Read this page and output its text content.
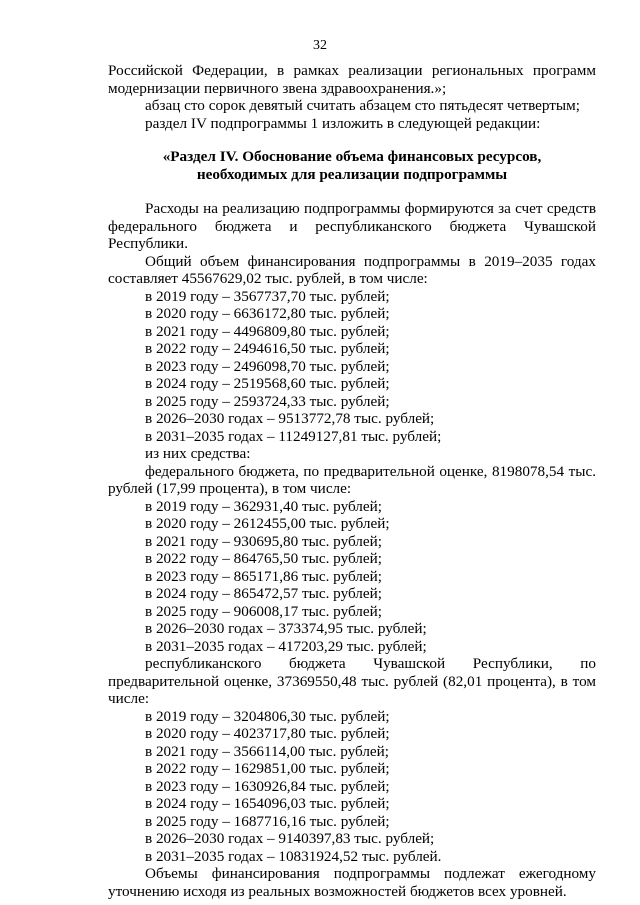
32

Российской Федерации, в рамках реализации региональных программ модернизации первичного звена здравоохранения.»;

абзац сто сорок девятый считать абзацем сто пятьдесят четвертым;

раздел IV подпрограммы 1 изложить в следующей редакции:

«Раздел IV. Обоснование объема финансовых ресурсов,

необходимых для реализации подпрограммы

Расходы на реализацию подпрограммы формируются за счет средств федерального бюджета и республиканского бюджета Чувашской Республики.

Общий объем финансирования подпрограммы в 2019–2035 годах составляет 45567629,02 тыс. рублей, в том числе:

в 2019 году – 3567737,70 тыс. рублей;

в 2020 году – 6636172,80 тыс. рублей;

в 2021 году – 4496809,80 тыс. рублей;

в 2022 году – 2494616,50 тыс. рублей;

в 2023 году – 2496098,70 тыс. рублей;

в 2024 году – 2519568,60 тыс. рублей;

в 2025 году – 2593724,33 тыс. рублей;

в 2026–2030 годах – 9513772,78 тыс. рублей;

в 2031–2035 годах – 11249127,81 тыс. рублей;

из них средства:

федерального бюджета, по предварительной оценке, 8198078,54 тыс. рублей (17,99 процента), в том числе:

в 2019 году – 362931,40 тыс. рублей;

в 2020 году – 2612455,00 тыс. рублей;

в 2021 году – 930695,80 тыс. рублей;

в 2022 году – 864765,50 тыс. рублей;

в 2023 году – 865171,86 тыс. рублей;

в 2024 году – 865472,57 тыс. рублей;

в 2025 году – 906008,17 тыс. рублей;

в 2026–2030 годах – 373374,95 тыс. рублей;

в 2031–2035 годах – 417203,29 тыс. рублей;

республиканского бюджета Чувашской Республики, по предварительной оценке, 37369550,48 тыс. рублей (82,01 процента), в том числе:

в 2019 году – 3204806,30 тыс. рублей;

в 2020 году – 4023717,80 тыс. рублей;

в 2021 году – 3566114,00 тыс. рублей;

в 2022 году – 1629851,00 тыс. рублей;

в 2023 году – 1630926,84 тыс. рублей;

в 2024 году – 1654096,03 тыс. рублей;

в 2025 году – 1687716,16 тыс. рублей;

в 2026–2030 годах – 9140397,83 тыс. рублей;

в 2031–2035 годах – 10831924,52 тыс. рублей.

Объемы финансирования подпрограммы подлежат ежегодному уточнению исходя из реальных возможностей бюджетов всех уровней.
